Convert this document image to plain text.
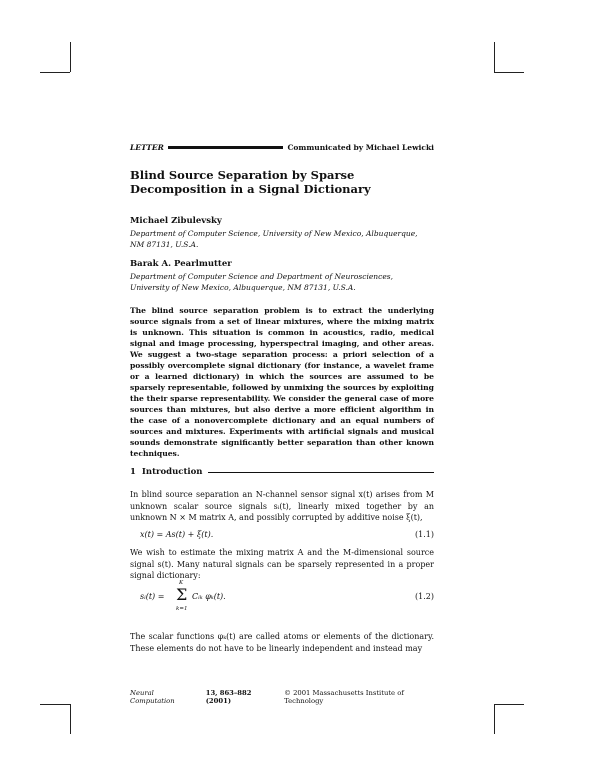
LETTER	Communicated by Michael Lewicki
Blind Source Separation by Sparse Decomposition in a Signal Dictionary
Michael Zibulevsky
Department of Computer Science, University of New Mexico, Albuquerque, NM 87131, U.S.A.
Barak A. Pearlmutter
Department of Computer Science and Department of Neurosciences, University of New Mexico, Albuquerque, NM 87131, U.S.A.
The blind source separation problem is to extract the underlying source signals from a set of linear mixtures, where the mixing matrix is unknown. This situation is common in acoustics, radio, medical signal and image processing, hyperspectral imaging, and other areas. We suggest a two-stage separation process: a priori selection of a possibly overcomplete signal dictionary (for instance, a wavelet frame or a learned dictionary) in which the sources are assumed to be sparsely representable, followed by unmixing the sources by exploiting the their sparse representability. We consider the general case of more sources than mixtures, but also derive a more efficient algorithm in the case of a nonovercomplete dictionary and an equal numbers of sources and mixtures. Experiments with artificial signals and musical sounds demonstrate significantly better separation than other known techniques.
1 Introduction
In blind source separation an N-channel sensor signal x(t) arises from M unknown scalar source signals sᵢ(t), linearly mixed together by an unknown N × M matrix A, and possibly corrupted by additive noise ξ(t),
x(t) = As(t) + ξ(t).	(1.1)
We wish to estimate the mixing matrix A and the M-dimensional source signal s(t). Many natural signals can be sparsely represented in a proper signal dictionary:
sᵢ(t) =
K
Σ
k=1
Cᵢₖ φₖ(t).	(1.2)
The scalar functions φₖ(t) are called atoms or elements of the dictionary. These elements do not have to be linearly independent and instead may
Neural Computation
13, 863–882 (2001)
© 2001 Massachusetts Institute of Technology
